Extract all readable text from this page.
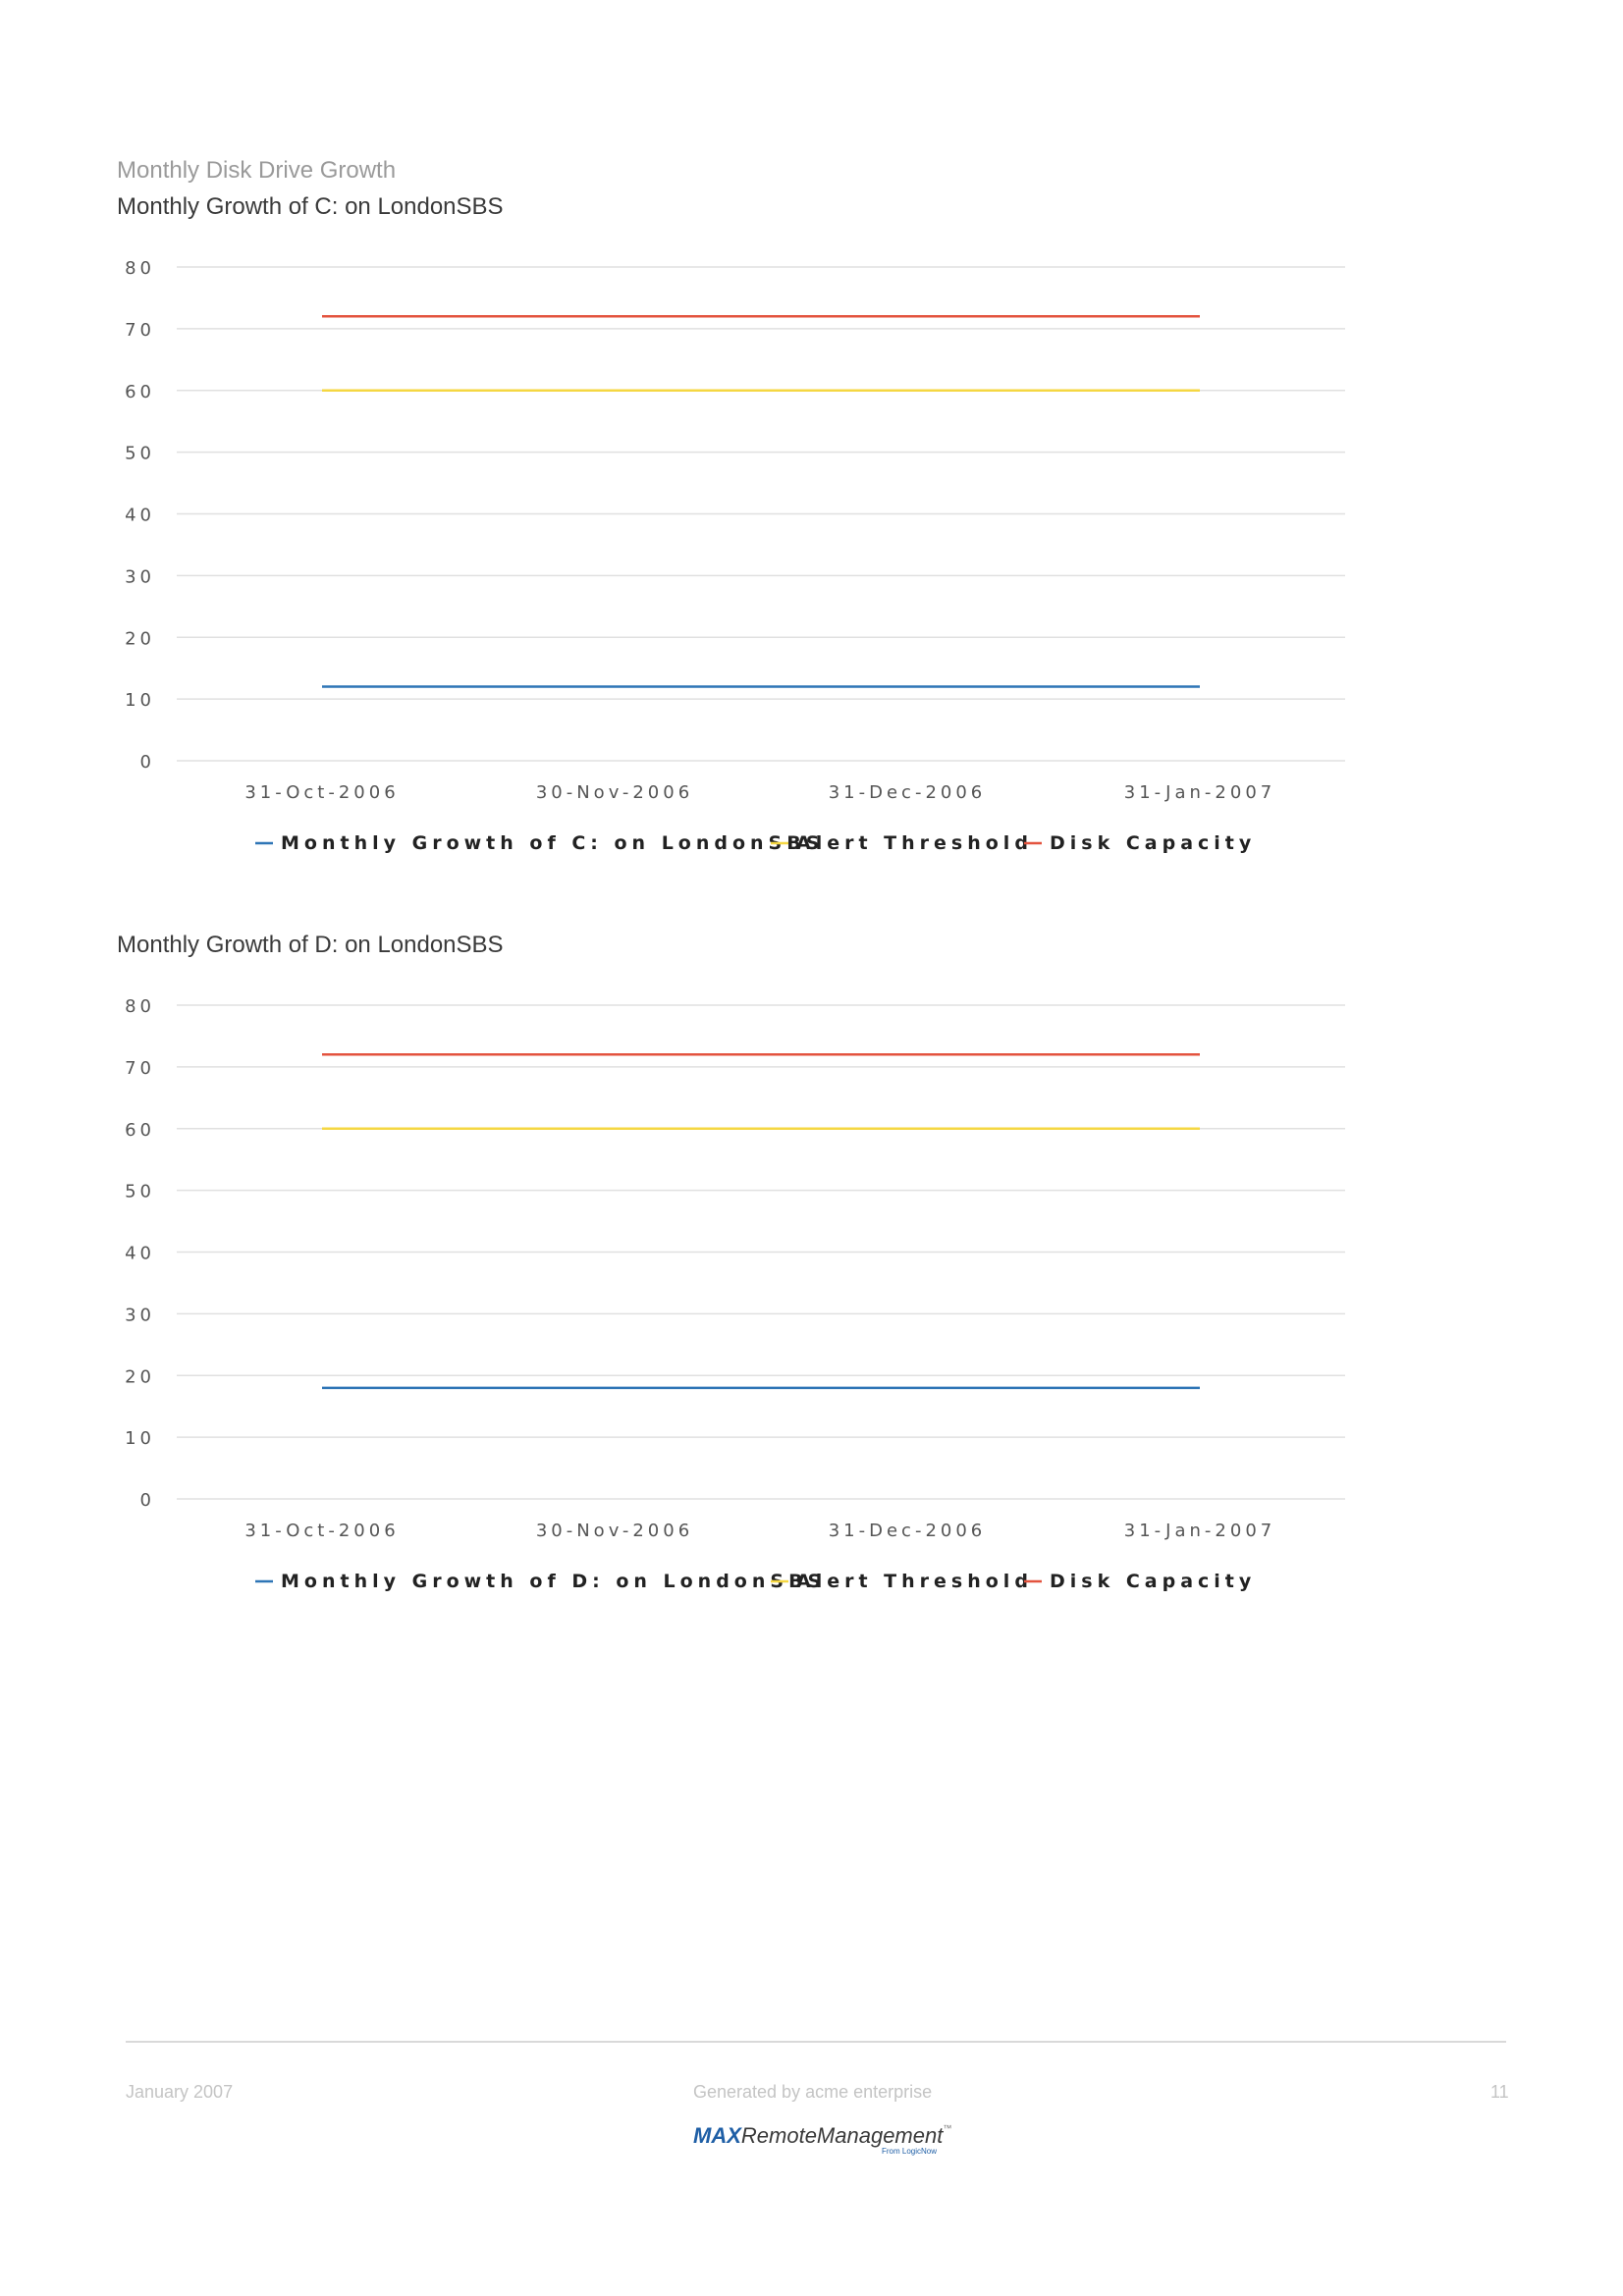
Monthly Disk Drive Growth
Monthly Growth of C: on LondonSBS
0
10
20
30
40
50
60
70
80
31-Oct-2006	30-Nov-2006	31-Dec-2006	31-Jan-2007
Monthly Growth of C: on LondonSBS
Alert Threshold Disk Capacity
Monthly Growth of D: on LondonSBS
0
10
20
30
40
50
60
70
80
31-Oct-2006	30-Nov-2006	31-Dec-2006	31-Jan-2007
Monthly Growth of D: on LondonSBS
Alert Threshold Disk Capacity
January 2007	Generated by acme enterprise	11
MAXRemoteManagement™
From LogicNow
